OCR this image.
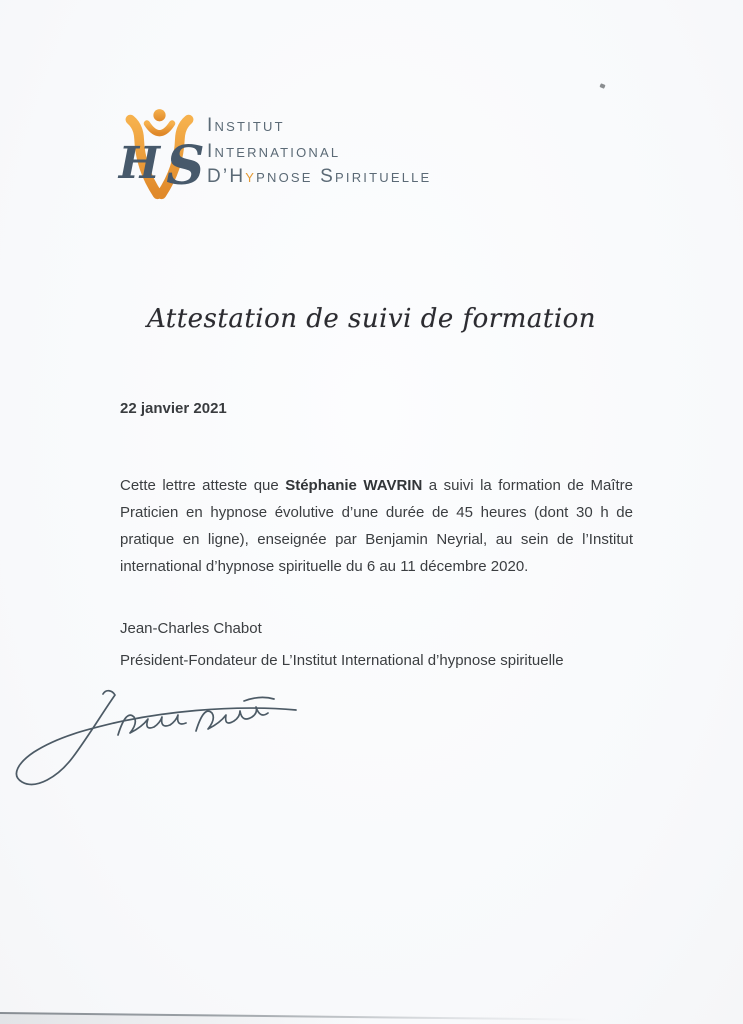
H S
Institut
International
D’Hypnose Spirituelle
Attestation de suivi de formation
22 janvier 2021

Cette lettre atteste que Stéphanie WAVRIN a suivi la formation de Maître Praticien en hypnose évolutive d’une durée de 45 heures (dont 30 h de pratique en ligne), enseignée par Benjamin Neyrial, au sein de l’Institut international d’hypnose spirituelle du 6 au 11 décembre 2020.

Jean-Charles Chabot
Président-Fondateur de L’Institut International d’hypnose spirituelle
